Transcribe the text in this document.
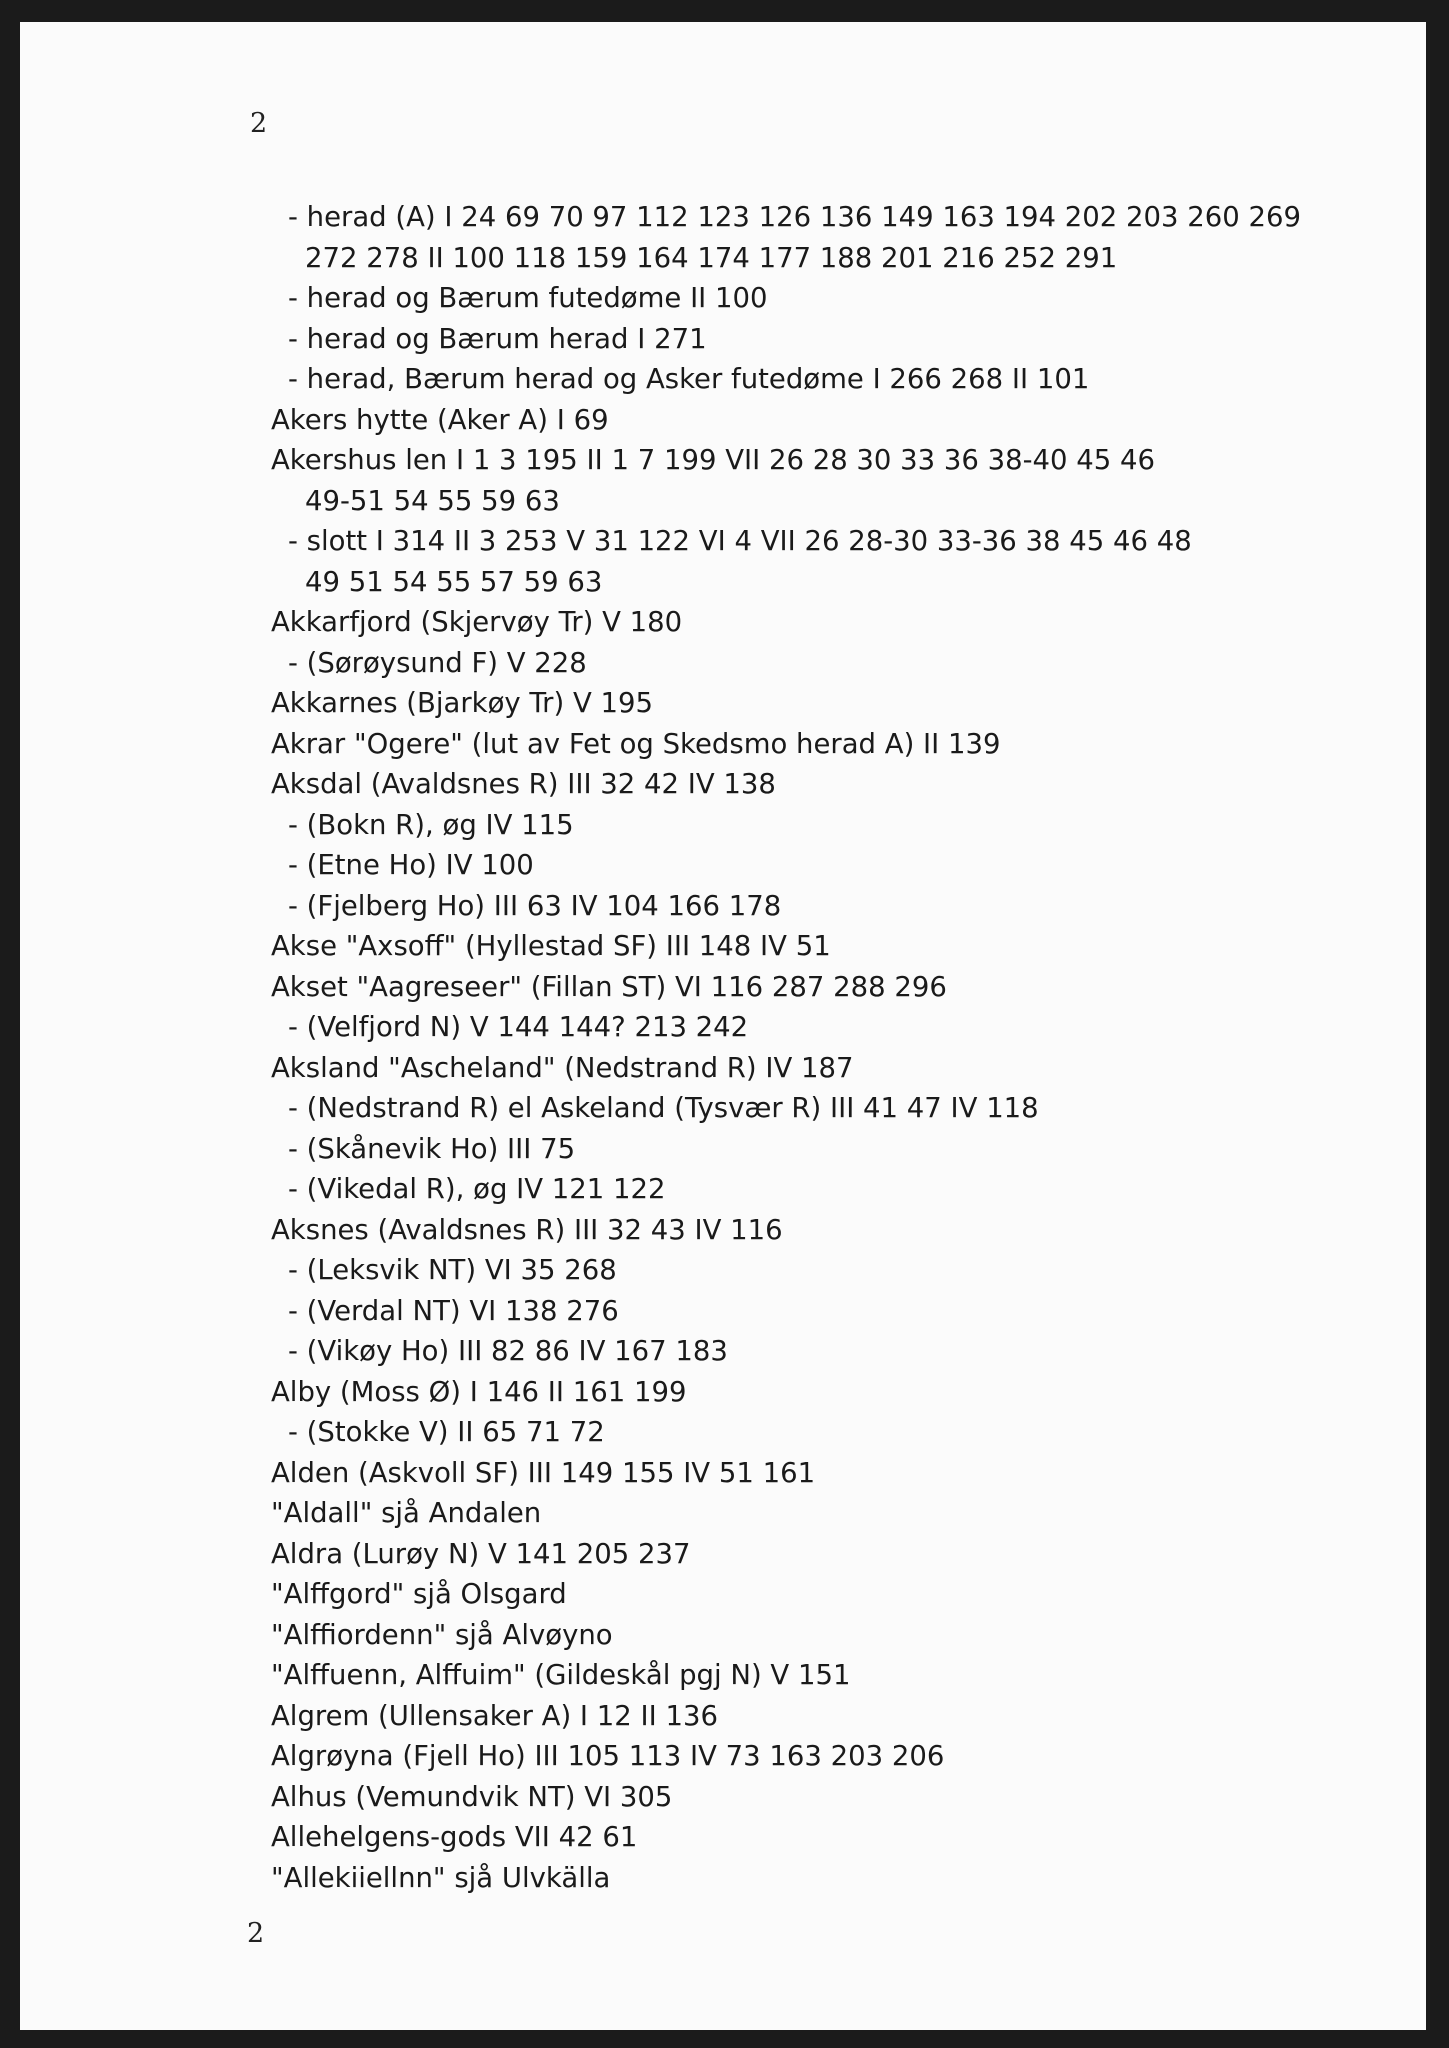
2
- herad (A) I 24 69 70 97 112 123 126 136 149 163 194 202 203 260 269
272 278 II 100 118 159 164 174 177 188 201 216 252 291
- herad og Bærum futedøme II 100
- herad og Bærum herad I 271
- herad, Bærum herad og Asker futedøme I 266 268 II 101
Akers hytte (Aker A) I 69
Akershus len I 1 3 195 II 1 7 199 VII 26 28 30 33 36 38-40 45 46
49-51 54 55 59 63
- slott I 314 II 3 253 V 31 122 VI 4 VII 26 28-30 33-36 38 45 46 48
49 51 54 55 57 59 63
Akkarfjord (Skjervøy Tr) V 180
- (Sørøysund F) V 228
Akkarnes (Bjarkøy Tr) V 195
Akrar "Ogere" (lut av Fet og Skedsmo herad A) II 139
Aksdal (Avaldsnes R) III 32 42 IV 138
- (Bokn R), øg IV 115
- (Etne Ho) IV 100
- (Fjelberg Ho) III 63 IV 104 166 178
Akse "Axsoff" (Hyllestad SF) III 148 IV 51
Akset "Aagreseer" (Fillan ST) VI 116 287 288 296
- (Velfjord N) V 144 144? 213 242
Aksland "Ascheland" (Nedstrand R) IV 187
- (Nedstrand R) el Askeland (Tysvær R) III 41 47 IV 118
- (Skånevik Ho) III 75
- (Vikedal R), øg IV 121 122
Aksnes (Avaldsnes R) III 32 43 IV 116
- (Leksvik NT) VI 35 268
- (Verdal NT) VI 138 276
- (Vikøy Ho) III 82 86 IV 167 183
Alby (Moss Ø) I 146 II 161 199
- (Stokke V) II 65 71 72
Alden (Askvoll SF) III 149 155 IV 51 161
"Aldall" sjå Andalen
Aldra (Lurøy N) V 141 205 237
"Alffgord" sjå Olsgard
"Alffiordenn" sjå Alvøyno
"Alffuenn, Alffuim" (Gildeskål pgj N) V 151
Algrem (Ullensaker A) I 12 II 136
Algrøyna (Fjell Ho) III 105 113 IV 73 163 203 206
Alhus (Vemundvik NT) VI 305
Allehelgens-gods VII 42 61
"Allekiiellnn" sjå Ulvkälla
2
